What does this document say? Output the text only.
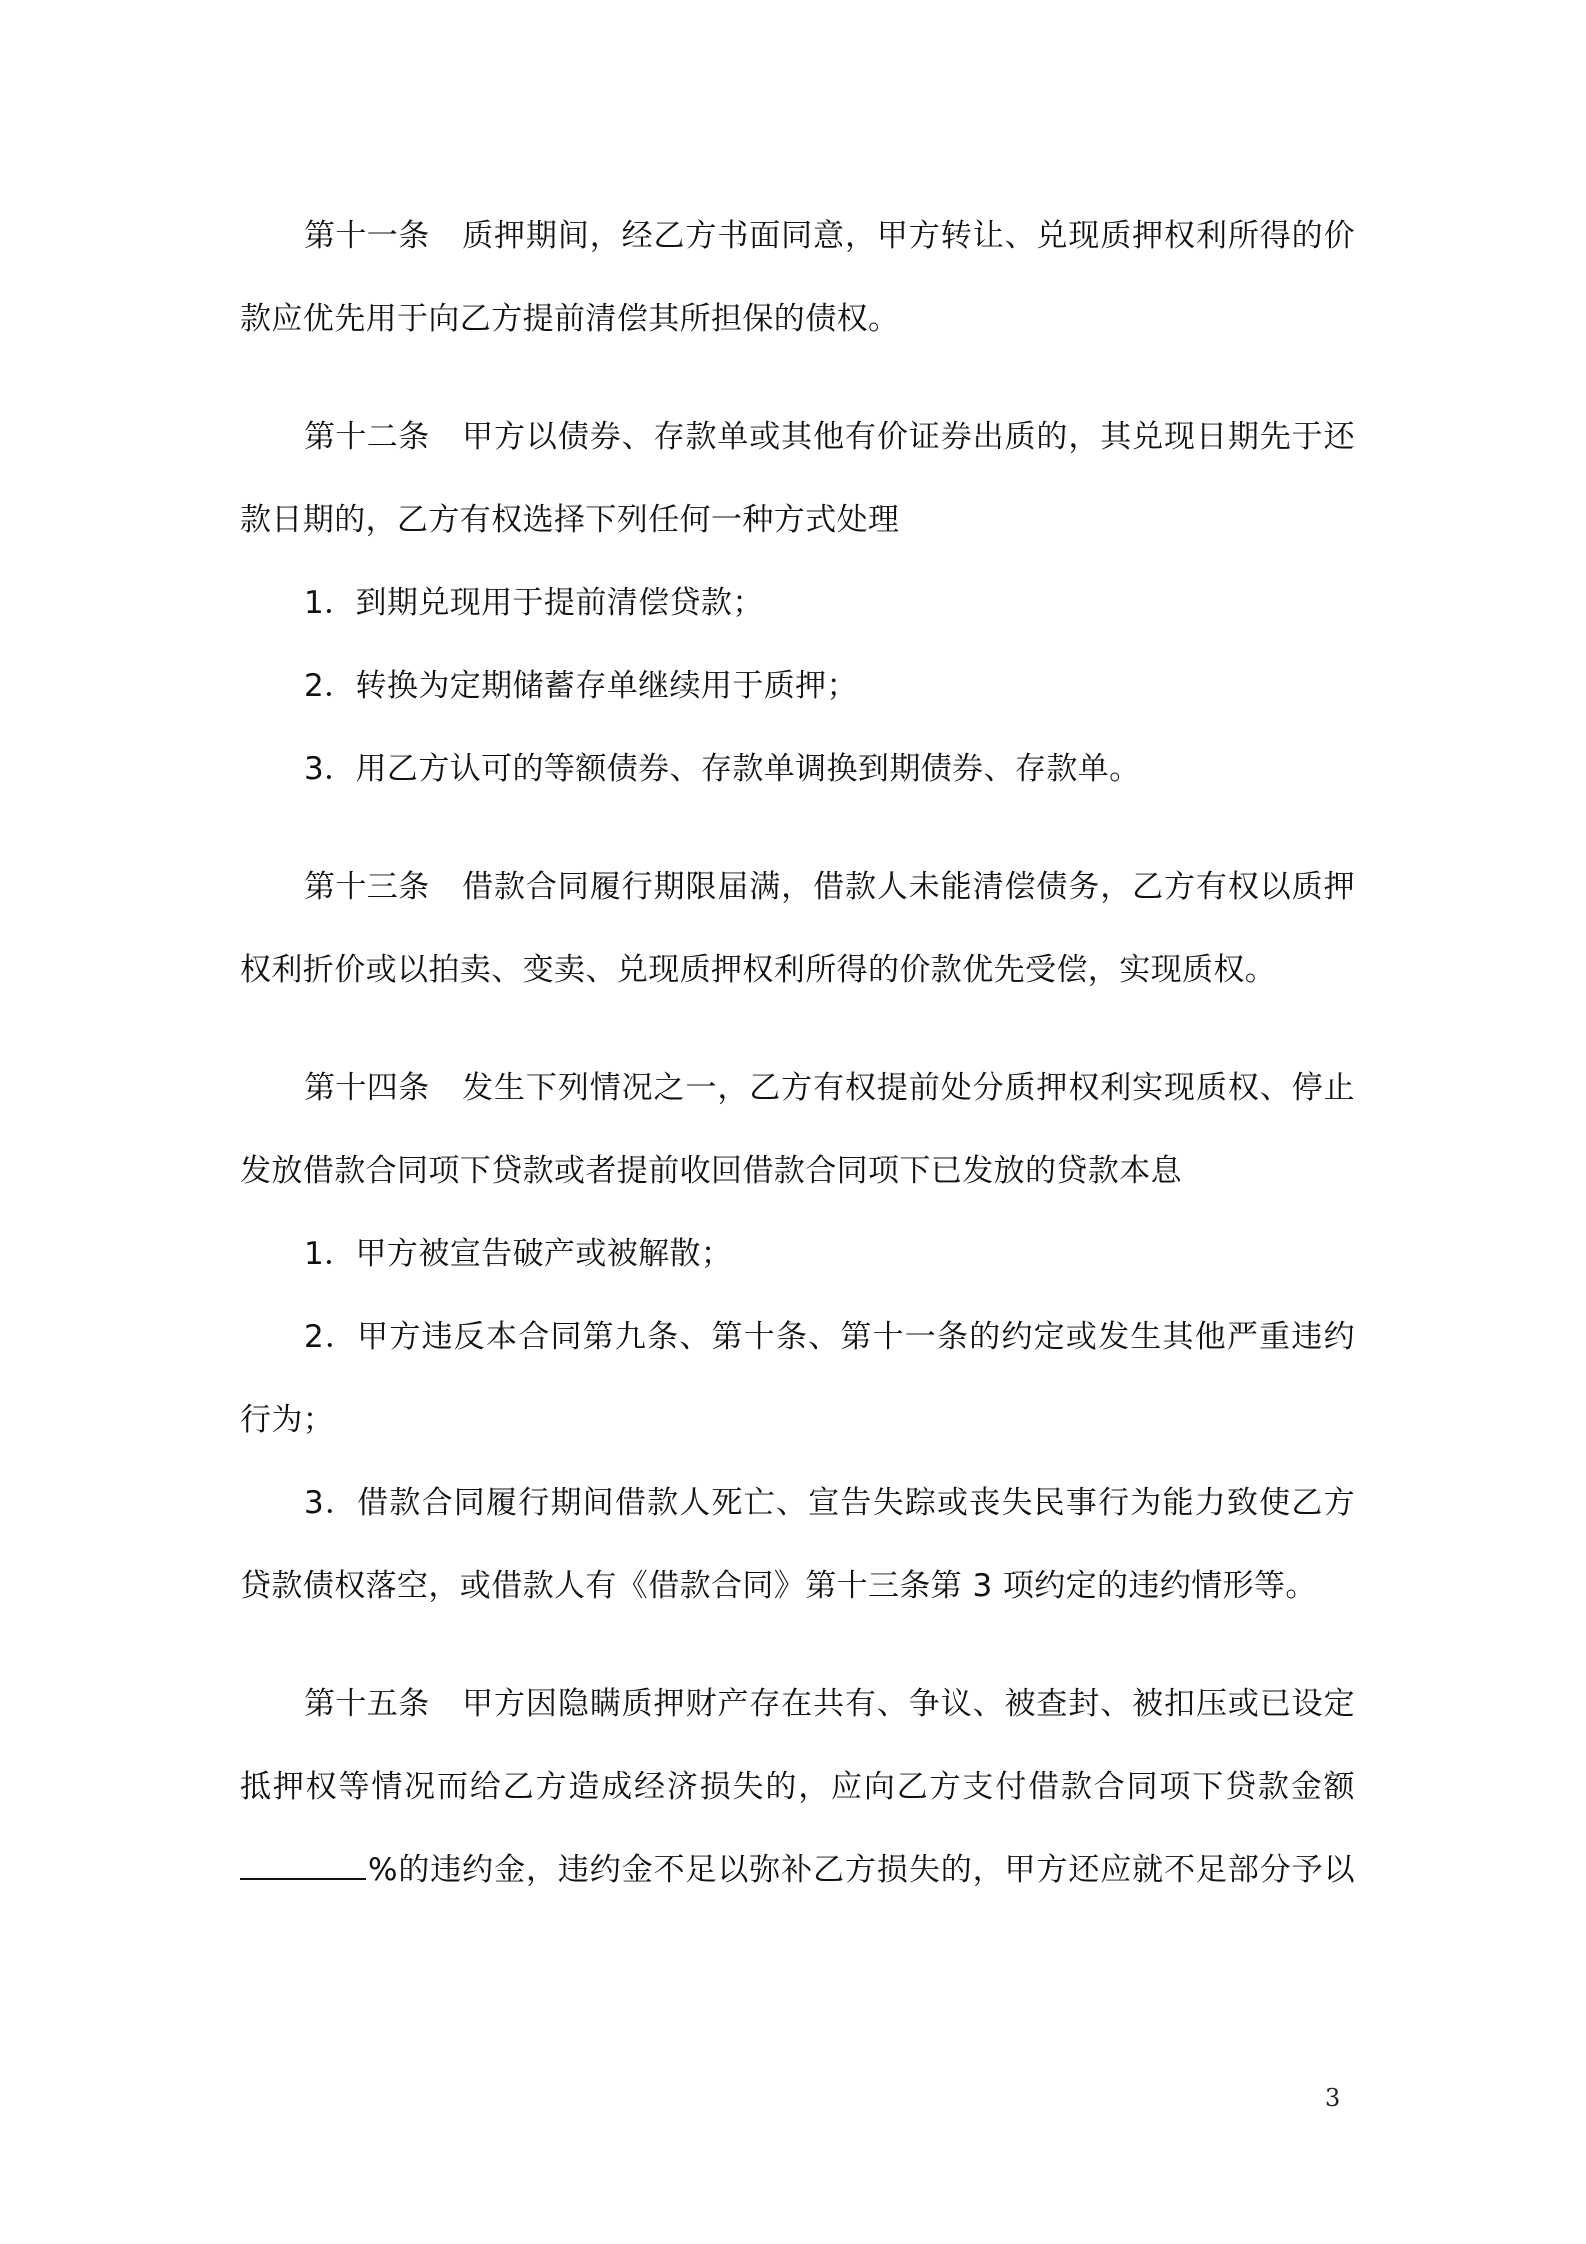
第十一条 质押期间，经乙方书面同意，甲方转让、兑现质押权利所得的价
款应优先用于向乙方提前清偿其所担保的债权。
第十二条 甲方以债券、存款单或其他有价证券出质的，其兑现日期先于还
款日期的，乙方有权选择下列任何一种方式处理
1．到期兑现用于提前清偿贷款；
2．转换为定期储蓄存单继续用于质押；
3．用乙方认可的等额债券、存款单调换到期债券、存款单。
第十三条 借款合同履行期限届满，借款人未能清偿债务，乙方有权以质押
权利折价或以拍卖、变卖、兑现质押权利所得的价款优先受偿，实现质权。
第十四条 发生下列情况之一，乙方有权提前处分质押权利实现质权、停止
发放借款合同项下贷款或者提前收回借款合同项下已发放的贷款本息
1．甲方被宣告破产或被解散；
2．甲方违反本合同第九条、第十条、第十一条的约定或发生其他严重违约
行为；
3．借款合同履行期间借款人死亡、宣告失踪或丧失民事行为能力致使乙方
贷款债权落空，或借款人有《借款合同》第十三条第 3 项约定的违约情形等。
第十五条 甲方因隐瞒质押财产存在共有、争议、被查封、被扣压或已设定
抵押权等情况而给乙方造成经济损失的，应向乙方支付借款合同项下贷款金额
%的违约金，违约金不足以弥补乙方损失的，甲方还应就不足部分予以
3
